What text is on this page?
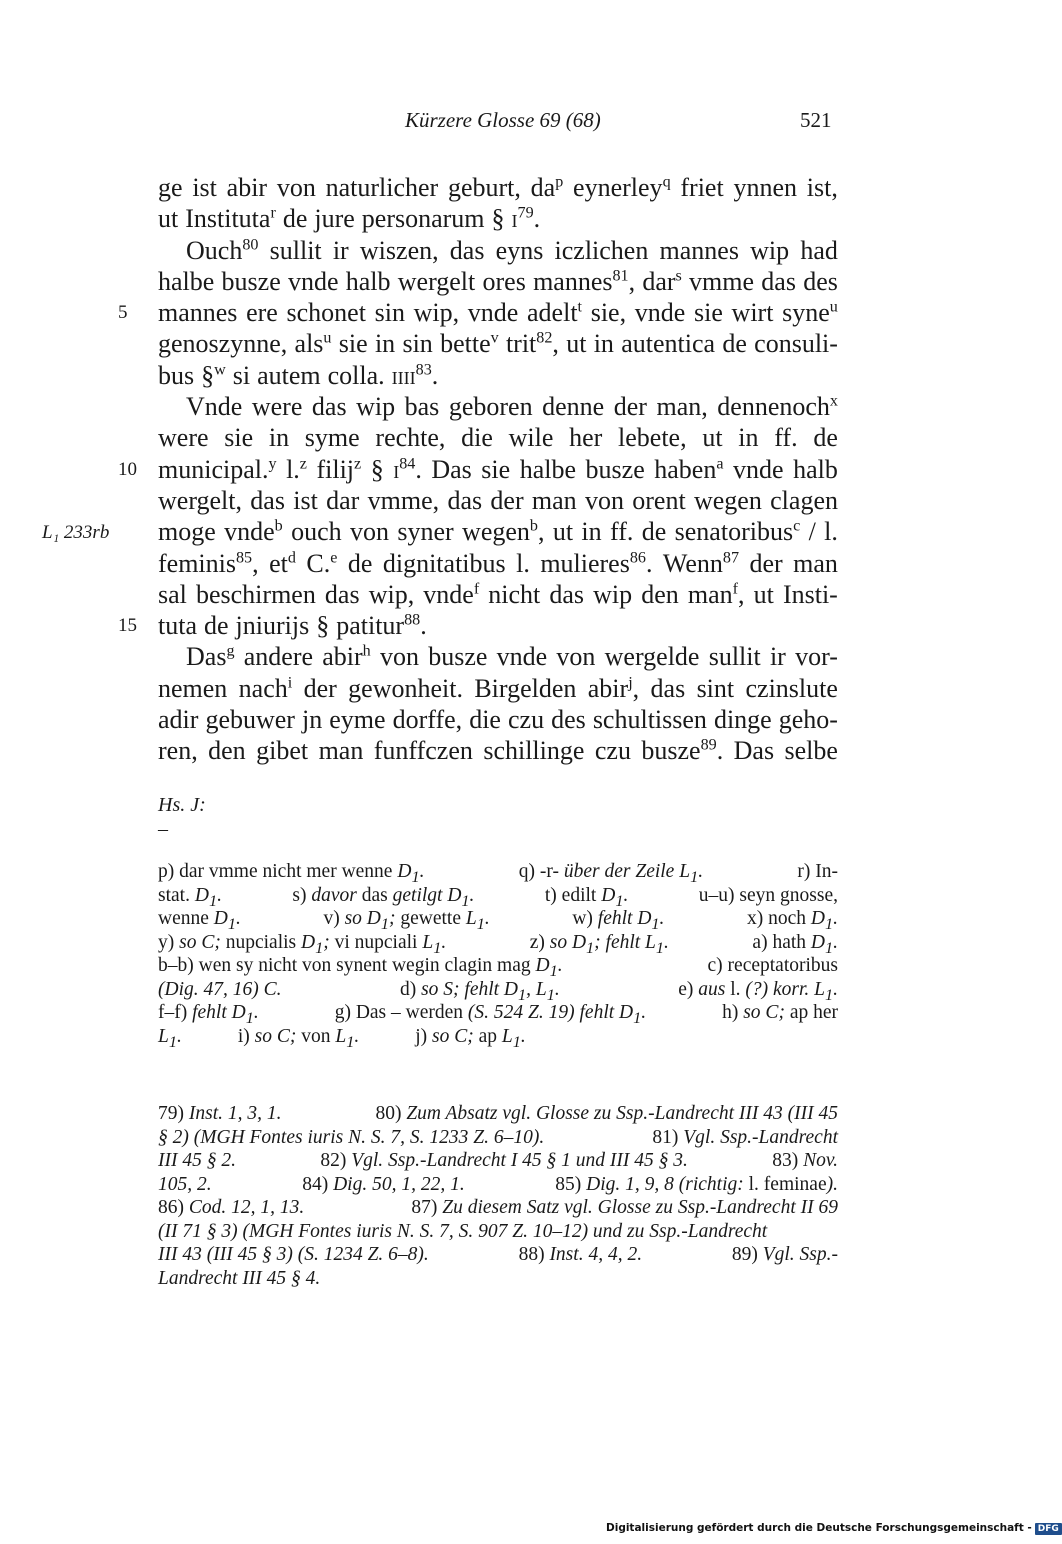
Kürzere Glosse 69 (68)	521
5
10
15
L₁ 233rb
ge ist abir von naturlicher geburt, $da^p$ eynerley$^q$ friet ynnen ist,
ut Instituta$^r$ de jure personarum § $i^{79}$.
Ouch$^{80}$ sullit ir wiszen, das eyns iczlichen mannes wip had
halbe busze vnde halb wergelt ores mannes$^{81}$, dar$^s$ vmme das des
mannes ere schonet sin wip, vnde adelt$^t$ sie, vnde sie wirt syne$^u$
genoszynne, als$^u$ sie in sin bette$^v$ trit$^{82}$, ut in autentica de consuli-
bus §$^w$ si autem colla. iiii$^{83}$.
Vnde were das wip bas geboren denne der man, dennenoch$^x$
were sie in syme rechte, die wile her lebete, ut in ff. de
municipal.$^y$ l.$^z$ filij$^z$ § $i^{84}$. Das sie halbe busze haben$^a$ vnde halb
wergelt, das ist dar vmme, das der man von orent wegen clagen
moge vnde$^b$ ouch von syner wegen$^b$, ut in ff. de senatoribus$^c$ / l.
feminis$^{85}$, $et^d$ C.$^e$ de dignitatibus l. mulieres$^{86}$. Wenn$^{87}$ der man
sal beschirmen das wip, vnde$^f$ nicht das wip den man$^f$, ut Insti-
tuta de jniurijs § patitur$^{88}$.
Das$^g$ andere abir$^h$ von busze vnde von wergelde sullit ir vor-
nemen nach$^i$ der gewonheit. Birgelden abir$^j$, das sint czinslute
adir gebuwer jn eyme dorffe, die czu des schultissen dinge geho-
ren, den gibet man funffczen schillinge czu busze$^{89}$. Das selbe
Hs. J:
–
p) dar vmme nicht mer wenne $D_1$.	q) -r- über der Zeile $L_1$.	r) In-
stat. $D_1$.	s) davor das getilgt $D_1$.	t) edilt $D_1$.	u–u) seyn gnosse,
wenne $D_1$.	v) so $D_1$; gewette $L_1$.	w) fehlt $D_1$.	x) noch $D_1$.
y) so C; nupcialis $D_1$; vi nupciali $L_1$.	z) so $D_1$; fehlt $L_1$.	a) hath $D_1$.
b–b) wen sy nicht von synent wegin clagin mag $D_1$.	c) receptatoribus
(Dig. 47, 16) C.	d) so S; fehlt $D_1$, $L_1$.	e) aus l. (?) korr. $L_1$.
f–f) fehlt $D_1$.	g) Das – werden (S. 524 Z. 19) fehlt $D_1$.	h) so C; ap her
$L_1$.	i) so C; von $L_1$.	j) so C; ap $L_1$.
79) Inst. 1, 3, 1.	80) Zum Absatz vgl. Glosse zu Ssp.-Landrecht III 43 (III 45
§ 2) (MGH Fontes iuris N. S. 7, S. 1233 Z. 6–10).	81) Vgl. Ssp.-Landrecht
III 45 § 2.	82) Vgl. Ssp.-Landrecht I 45 § 1 und III 45 § 3.	83) Nov.
105, 2.	84) Dig. 50, 1, 22, 1.	85) Dig. 1, 9, 8 (richtig: l. feminae).
86) Cod. 12, 1, 13.	87) Zu diesem Satz vgl. Glosse zu Ssp.-Landrecht II 69
(II 71 § 3) (MGH Fontes iuris N. S. 7, S. 907 Z. 10–12) und zu Ssp.-Landrecht
III 43 (III 45 § 3) (S. 1234 Z. 6–8).	88) Inst. 4, 4, 2.	89) Vgl. Ssp.-
Landrecht III 45 § 4.
Digitalisierung gefördert durch die Deutsche Forschungsgemeinschaft - DFG
